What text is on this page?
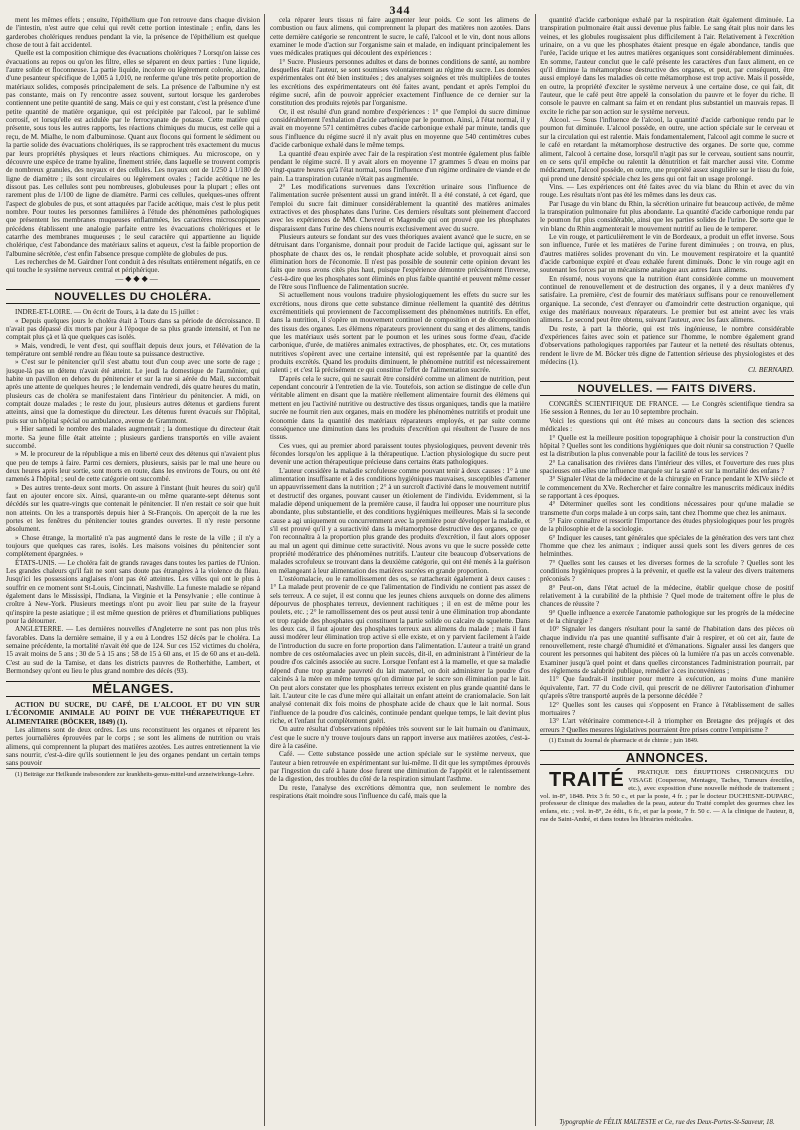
344

ment les mêmes effets ; ensuite, l'épithélium que l'on retrouve dans chaque division de l'intestin, n'est autre que celui qui revêt cette portion intestinale ; enfin, dans les garderobes cholériques rendues pendant la vie, la présence de l'épithélium est quelque chose de tout à fait accidentel.

Quelle est la composition chimique des évacuations cholériques ? Lorsqu'on laisse ces évacuations au repos ou qu'on les filtre, elles se séparent en deux parties : l'une liquide, l'autre solide et floconneuse. La partie liquide, incolore ou légèrement colorée, alcaline, d'une pesanteur spécifique de 1,005 à 1,010, ne renferme qu'une très petite proportion de matériaux solides, composés principalement de sels. La présence de l'albumine n'y est pas constante, mais on l'y rencontre assez souvent, surtout lorsque les garderobes contiennent une petite quantité de sang. Mais ce qui y est constant, c'est la présence d'une petite quantité de matière organique, qui est précipitée par l'alcool, par le sublimé corrosif, et lorsqu'elle est acidulée par le ferrocyanate de potasse. Cette matière qui présente, sous tous les autres rapports, les réactions chimiques du mucus, est celle qui a reçu, de M. Mialhe, le nom d'albuminose. Quant aux flocons qui forment le sédiment ou la partie solide des évacuations cholériques, ils se rapprochent très exactement du mucus par leurs propriétés physiques et leurs réactions chimiques. Au microscope, on y découvre une espèce de trame hyaline, finement striée, dans laquelle se trouvent compris de nombreux granules, des noyaux et des cellules. Les noyaux ont de 1/250 à 1/180 de ligne de diamètre ; ils sont circulaires ou légèrement ovales ; l'acide acétique ne les dissout pas. Les cellules sont peu nombreuses, globuleuses pour la plupart ; elles ont rarement plus de 1/100 de ligne de diamètre. Parmi ces cellules, quelques-unes offrent l'aspect de globules de pus, et sont attaquées par l'acide acétique, mais c'est le plus petit nombre. Pour toutes les personnes familières à l'étude des phénomènes pathologiques que présentent les membranes muqueuses enflammées, les caractères microscopiques précédens établissent une analogie parfaite entre les évacuations cholériques et le catarrhe des membranes muqueuses ; le seul caractère qui appartienne au liquide cholérique, c'est l'abondance des matériaux salins et aqueux, c'est la faible proportion de l'albumine sécrétée, c'est enfin l'absence presque complète de globules de pus.

Les recherches de M. Gairdner l'ont conduit à des résultats entièrement négatifs, en ce qui touche le système nerveux central et périphérique.

—◆◆◆—

NOUVELLES DU CHOLÉRA.

INDRE-ET-LOIRE. — On écrit de Tours, à la date du 15 juillet :

« Depuis quelques jours le choléra était à Tours dans sa période de décroissance. Il n'avait pas dépassé dix morts par jour à l'époque de sa plus grande intensité, et l'on ne comptait plus çà et là que quelques cas isolés.

» Mais, vendredi, le vent d'est, qui soufflait depuis deux jours, et l'élévation de la température ont semblé rendre au fléau toute sa puissance destructive.

» C'est sur le pénitencier qu'il s'est abattu tout d'un coup avec une sorte de rage ; jusque-là pas un détenu n'avait été atteint. Le jeudi la domestique de l'aumônier, qui habite un pavillon en dehors du pénitencier et sur la rue si aérée du Mail, succombait après une attente de quelques heures ; le lendemain vendredi, dès quatre heures du matin, plusieurs cas de choléra se manifestaient dans l'intérieur du pénitencier. A midi, on comptait douze malades ; le reste du jour, plusieurs autres détenus et gardiens furent atteints, ainsi que la domestique du directeur. Les détenus furent évacués sur l'hôpital, puis sur un hôpital spécial ou ambulance, avenue de Grammont.

» Hier samedi le nombre des malades augmentait ; la domestique du directeur était morte. Sa jeune fille était atteinte ; plusieurs gardiens transportés en ville avaient succombé.

» M. le procureur de la république a mis en liberté ceux des détenus qui n'avaient plus que peu de temps à faire. Parmi ces derniers, plusieurs, saisis par le mal une heure ou deux heures après leur sortie, sont morts en route, dans les environs de Tours, ou ont été ramenés à l'hôpital ; seul de cette catégorie ont succombé.

» Des autres trente-deux sont morts. On assure à l'instant (huit heures du soir) qu'il faut en ajouter encore six. Ainsi, quarante-un ou même quarante-sept détenus sont décédés sur les quatre-vingts que contenait le pénitencier. Il n'en restait ce soir que huit non atteints. On les a transportés depuis hier à St-François. On aperçoit de la rue les portes et les fenêtres du pénitencier toutes grandes ouvertes. Il n'y reste personne absolument.

» Chose étrange, la mortalité n'a pas augmenté dans le reste de la ville ; il n'y a toujours que quelques cas rares, isolés. Les maisons voisines du pénitencier sont complètement épargnées. »

ÉTATS-UNIS. — Le choléra fait de grands ravages dans toutes les parties de l'Union. Les grandes chaleurs qu'il fait ne sont sans doute pas étrangères à la violence du fléau. Jusqu'ici les possessions anglaises n'ont pas été atteintes. Les villes qui ont le plus à souffrir en ce moment sont St-Louis, Cincinnati, Nashville. La funeste maladie se répand également dans le Mississipi, l'Indiana, la Virginie et la Pensylvanie ; elle continue à croître à New-York. Plusieurs meetings n'ont pu avoir lieu par suite de la frayeur qu'inspire la peste asiatique ; il est même question de prières et d'humiliations publiques pour la détourner.

ANGLETERRE. — Les dernières nouvelles d'Angleterre ne sont pas non plus très favorables. Dans la dernière semaine, il y a eu à Londres 152 décès par le choléra. La semaine précédente, la mortalité n'avait été que de 124. Sur ces 152 victimes du choléra, 15 avait moins de 5 ans ; 30 de 5 à 15 ans ; 58 de 15 à 60 ans, et 15 de 60 ans et au-delà. C'est au sud de la Tamise, et dans les districts pauvres de Rotherhithe, Lambert, et Bermondsey qu'ont eu lieu le plus grand nombre des décès (93).

MÉLANGES.

ACTION DU SUCRE, DU CAFÉ, DE L'ALCOOL ET DU VIN SUR L'ÉCONOMIE ANIMALE AU POINT DE VUE THÉRAPEUTIQUE ET ALIMENTAIRE (BÖCKER, 1849) (1).

Les alimens sont de deux ordres. Les uns reconstituent les organes et réparent les pertes journalières éprouvées par le corps ; se sont les alimens de nutrition ou vrais alimens, qui comprennent la plupart des matières azotées. Les autres entretiennent la vie sans nourrir, c'est-à-dire qu'ils soutiennent le jeu des organes pendant un certain temps sans pouvoir

(1) Beiträge zur Heilkunde insbesondere zur krankheits-genus-mittel-und arzneiwirkungs-Lehre.

cela réparer leurs tissus ni faire augmenter leur poids. Ce sont les alimens de combustion ou faux alimens, qui comprennent la plupart des matières non azotées. Dans cette dernière catégorie se rencontrent le sucre, le café, l'alcool et le vin, dont nous allons examiner le mode d'action sur l'organisme sain et malade, en indiquant principalement les vues médicales pratiques qui découlent des expériences :

1° Sucre. Plusieurs personnes adultes et dans de bonnes conditions de santé, au nombre desquelles était l'auteur, se sont soumises volontairement au régime du sucre. Les données expérimentales ont été bien instituées ; des analyses soignées et très multipliées de toutes les excrétions des expérimentateurs ont été faites avant, pendant et après l'emploi du régime sucré, afin de pouvoir apprécier exactement l'influence de ce dernier sur la constitution des produits rejetés par l'organisme.

Or, il est résulté d'un grand nombre d'expériences : 1° que l'emploi du sucre diminue considérablement l'exhalation d'acide carbonique par le poumon. Ainsi, à l'état normal, il y avait en moyenne 571 centimètres cubes d'acide carbonique exhalé par minute, tandis que sous l'influence du régime sucré il n'y avait plus en moyenne que 540 centimètres cubes d'acide carbonique exhalé dans le même temps.

La quantité d'eau expirée avec l'air de la respiration s'est montrée également plus faible pendant le régime sucré. Il y avait alors en moyenne 17 grammes 5 d'eau en moins par vingt-quatre heures qu'à l'état normal, sous l'influence d'un régime ordinaire de viande et de pain. La transpiration cutanée n'était pas augmentée.

2° Les modifications survenues dans l'excrétion urinaire sous l'influence de l'alimentation sucrée présentent aussi un grand intérêt. Il a été constaté, à cet égard, que l'emploi du sucre fait diminuer considérablement la quantité des matières animales extractives et des phosphates dans l'urine. Ces derniers résultats sont pleinement d'accord avec les expériences de MM. Chevreul et Magendie qui ont prouvé que les phosphates disparaissent dans l'urine des chiens nourris exclusivement avec du sucre.

Plusieurs auteurs se fondant sur des vues théoriques avaient avancé que le sucre, en se détruisant dans l'organisme, donnait pour produit de l'acide lactique qui, agissant sur le phosphate de chaux des os, le rendait phosphate acide soluble, et provoquait ainsi son élimination hors de l'économie. Il n'est pas possible de soutenir cette opinion devant les faits que nous avons cités plus haut, puisque l'expérience démontre précisément l'inverse, c'est-à-dire que les phosphates sont éliminés en plus faible quantité et peuvent même cesser de l'être sous l'influence de l'alimentation sucrée.

Si actuellement nous voulons traduire physiologiquement les effets du sucre sur les excrétions, nous dirons que cette substance diminue réellement la quantité des détritus excrémentitiels qui proviennent de l'accomplissement des phénomènes nutritifs. En effet, dans la nutrition, il s'opère un mouvement continuel de composition et de décomposition des tissus des organes. Les élémens réparateurs proviennent du sang et des alimens, tandis que les matériaux usés sortent par le poumon et les urines sous forme d'eau, d'acide carbonique, d'urée, de matières animales extractives, de phosphates, etc. Or, ces mutations nutritives s'opèrent avec une certaine intensité, qui est représentée par la quantité des produits excrétés. Quand les produits diminuent, le phénomène nutritif est nécessairement ralenti ; et c'est là précisément ce qui constitue l'effet de l'alimentation sucrée.

D'après cela le sucre, qui ne saurait être considéré comme un aliment de nutrition, peut cependant concourir à l'entretien de la vie. Toutefois, son action se distingue de celle d'un véritable aliment en disant que la matière réellement alimentaire fournit des élémens qui mettent en jeu l'activité nutritive ou destructive des tissus organiques, tandis que la matière sucrée ne fournit rien aux organes, mais en modère les phénomènes nutritifs et produit une économie dans la quantité des matériaux réparateurs employés, et par suite comme conséquence une diminution dans les produits d'excrétion qui résultent de l'usure de nos tissus.

Ces vues, qui au premier abord paraissent toutes physiologiques, peuvent devenir très fécondes lorsqu'on les applique à la thérapeutique. L'action physiologique du sucre peut devenir une action thérapeutique précieuse dans certains états pathologiques.

L'auteur considère la maladie scrofuleuse comme pouvant tenir à deux causes : 1° à une alimentation insuffisante et à des conditions hygiéniques mauvaises, susceptibles d'amener un appauvrissement dans la nutrition ; 2° à un surcroît d'activité dans le mouvement nutritif et destructif des organes, pouvant causer un étiolement de l'individu. Evidemment, si la maladie dépend uniquement de la première cause, il faudra lui opposer une nourriture plus abondante, plus substantielle, et des conditions hygiéniques meilleures. Mais si la seconde cause a agi uniquement ou concurremment avec la première pour développer la maladie, et s'il est prouvé qu'il y a suractivité dans la métamorphose destructive des organes, ce que l'on reconnaîtra à la proportion plus grande des produits d'excrétion, il faut alors opposer au mal un agent qui diminue cette suractivité. Nous avons vu que le sucre possède cette propriété modératrice des phénomènes nutritifs. L'auteur cite beaucoup d'observations de malades scrofuleux se trouvant dans la deuxième catégorie, qui ont été menés à la guérison en mélangeant à leur alimentation des matières sucrées en grande proportion.

L'ostéomalacie, ou le ramollissement des os, se rattacherait également à deux causes : 1° La malade peut provenir de ce que l'alimentation de l'individu ne contient pas assez de sels terreux. A ce sujet, il est connu que les jeunes chiens auxquels on donne des alimens dépourvus de phosphates terreux, deviennent rachitiques ; il en est de même pour les poulets, etc. ; 2° le ramollissement des os peut aussi tenir à une élimination trop abondante et trop rapide des phosphates qui constituent la partie solide ou calcaire du squelette. Dans les deux cas, il faut ajouter des phosphates terreux aux alimens du malade ; mais il faut aussi modérer leur élimination trop active si elle existe, et on y parvient facilement à l'aide de l'introduction du sucre en forte proportion dans l'alimentation. L'auteur a traité un grand nombre de ces ostéomalacies avec un plein succès, dit-il, en administrant à l'intérieur de la poudre d'os calcinés associée au sucre. Lorsque l'enfant est à la mamelle, et que sa maladie dépend d'une trop grande pauvreté du lait maternel, on doit administrer la poudre d'os calcinés à la mère en même temps qu'on diminue par le sucre son élimination par le lait. On peut alors constater que les phosphates terreux existent en plus grande quantité dans le lait. L'auteur cite le cas d'une mère qui allaitait un enfant atteint de craniomalacie. Son lait analysé contenait dix fois moins de phosphate acide de chaux que le lait normal. Sous l'influence de la poudre d'os calcinés, continuée pendant quelque temps, le lait devint plus riche, et l'enfant fut complètement guéri.

On autre résultat d'observations répétées très souvent sur le lait humain ou d'animaux, c'est que le sucre n'y trouve toujours dans un rapport inverse aux matières azotées, c'est-à-dire à la caséine.

Café. — Cette substance possède une action spéciale sur le système nerveux, que l'auteur a bien retrouvée en expérimentant sur lui-même. Il dit que les symptômes éprouvés par l'ingestion du café à haute dose furent une diminution de l'appétit et le ralentissement de la digestion, des troubles du côté de la respiration simulant l'asthme.

Du reste, l'analyse des excrétions démontra que, non seulement le nombre des respirations était moindre sous l'influence du café, mais que la

quantité d'acide carbonique exhalé par la respiration était également diminuée. La transpiration pulmonaire était aussi devenue plus faible. Le sang était plus noir dans les veines, et les globules rougissaient plus difficilement à l'air. Relativement à l'excrétion urinaire, on a vu que les phosphates étaient presque en égale abondance, tandis que l'urée, l'acide urique et les autres matières organiques sont considérablement diminuées. En somme, l'auteur conclut que le café présente les caractères d'un faux aliment, en ce qu'il diminue la métamorphose destructive des organes, et peut, par conséquent, être aussi employé dans les maladies où cette métamorphose est trop active. Mais il possède, en outre, la propriété d'exciter le système nerveux à une certaine dose, ce qui fait, dit l'auteur, que le café peut être appelé la consolation du pauvre et le foyer du riche. Il console le pauvre en calmant sa faim et en rendant plus substantiel un mauvais repas. Il excite le riche par son action sur le système nerveux.

Alcool. — Sous l'influence de l'alcool, la quantité d'acide carbonique rendu par le poumon fut diminuée. L'alcool possède, en outre, une action spéciale sur le cerveau et sur la circulation qui est ralentie. Mais fondamentalement, l'alcool agit comme le sucre et le café en retardant la métamorphose destructive des organes. De sorte que, comme aliment, l'alcool à certaine dose, lorsqu'il n'agit pas sur le cerveau, soutient sans nourrir, en ce sens qu'il empêche ou ralentit la dénutrition et fait marcher aussi vite. Comme médicament, l'alcool possède, en outre, une propriété assez singulière sur le tissu du foie, qui prend une densité spéciale chez les gens qui ont fait un usage prolongé.

Vins. — Les expériences ont été faites avec du via blanc du Rhin et avec du vin rouge. Les résultats n'ont pas été les mêmes dans les deux cas.

Par l'usage du vin blanc du Rhin, la sécrétion urinaire fut beaucoup activée, de même la transpiration pulmonaire fut plus abondante. La quantité d'acide carbonique rendu par le poumon fut plus considérable, ainsi que les parties solides de l'urine. De sorte que le vin blanc du Rhin augmenterait le mouvement nutritif au lieu de le temperer.

Le vin rouge, et particulièrement le vin de Bordeaux, a produit un effet inverse. Sous son influence, l'urée et les matières de l'urine furent diminuées ; on trouva, en plus, d'autres matières solides provenant du vin. Le mouvement respiratoire et la quantité d'acide carbonique expiré et d'eau exhalée furent diminués. Donc le vin rouge agit en soutenant les forces par un mécanisme analogue aux autres faux alimens.

En résumé, nous voyons que la nutrition étant considérée comme un mouvement continuel de renouvellement et de destruction des organes, il y a deux manières d'y satisfaire. La première, c'est de fournir des matériaux suffisans pour ce renouvellement organique. La seconde, c'est d'enrayer ou d'amoindrir cette destruction organique, qui exige des matériaux nouveaux réparateurs. Le premier but est atteint avec les vrais alimens. Le second peut être obtenu, suivant l'auteur, avec les faux alimens.

Du reste, à part la théorie, qui est très ingénieuse, le nombre considérable d'expériences faites avec soin et patience sur l'homme, le nombre également grand d'observations pathologiques rapportées par l'auteur et la netteté des résultats obtenus, rendent le livre de M. Böcker très digne de l'attention sérieuse des physiologistes et des médecins (1).

Cl. BERNARD.

NOUVELLES. — FAITS DIVERS.

CONGRÈS SCIENTIFIQUE DE FRANCE. — Le Congrès scientifique tiendra sa 16e session à Rennes, du 1er au 10 septembre prochain.

Voici les questions qui ont été mises au concours dans la section des sciences médicales :

1° Quelle est la meilleure position topographique à choisir pour la construction d'un hôpital ? Quelles sont les conditions hygiéniques que doit réunir sa construction ? Quelle est la distribution la plus convenable pour la facilité de tous les services ?

2° La canalisation des rivières dans l'intérieur des villes, et l'ouverture des rues plus spacieuses ont-elles une influence marquée sur la santé et sur la mortalité des enfans ?

3° Signaler l'état de la médecine et de la chirurgie en France pendant le XIVe siècle et le commencement du XVe. Rechercher et faire connaître les manuscrits médicaux inédits se rapportant à ces époques.

4° Déterminer quelles sont les conditions nécessaires pour qu'une maladie se transmette d'un corps malade à un corps sain, tant chez l'homme que chez les animaux.

5° Faire connaître et ressortir l'importance des études physiologiques pour les progrès de la philosophie et de la sociologie.

6° Indiquer les causes, tant générales que spéciales de la génération des vers tant chez l'homme que chez les animaux ; indiquer aussi quels sont les divers genres de ces helminthes.

7° Quelles sont les causes et les diverses formes de la scrofule ? Quelles sont les conditions hygiéniques propres à la prévenir, et quelle est la valeur des divers traitemens préconisés ?

8° Peut-on, dans l'état actuel de la médecine, établir quelque chose de positif relativement à la curabilité de la phthisie ? Quel mode de traitement offre le plus de chances de réussite ?

9° Quelle influence a exercée l'anatomie pathologique sur les progrès de la médecine et de la chirurgie ?

10° Signaler les dangers résultant pour la santé de l'habitation dans des pièces où chaque individu n'a pas une quantité suffisante d'air à respirer, et où cet air, faute de renouvellement, reste chargé d'humidité et d'émanations. Signaler aussi les dangers que courent les personnes qui habitent des pièces où la lumière n'a pas un accès convenable. Examiner jusqu'à quel point et dans quelles circonstances l'administration pourrait, par des règlemens de salubrité publique, remédier à ces inconvéniens ;

11° Que faudrait-il instituer pour mettre à exécution, au moins d'une manière équivalente, l'art. 77 du Code civil, qui prescrit de ne délivrer l'autorisation d'inhumer qu'après s'être transporté auprès de la personne décédée ?

12° Quelles sont les causes qui s'opposent en France à l'établissement de salles mortuaires ?

13° L'art vétérinaire commence-t-il à triompher en Bretagne des préjugés et des erreurs ? Quelles mesures législatives pourraient être prises contre l'empirisme ?

(1) Extrait du Journal de pharmacie et de chimie ; juin 1849.

ANNONCES.

TRAITÉ PRATIQUE DES ÉRUPTIONS CHRONIQUES DU VISAGE (Couperose, Mentagre, Taches, Tumeurs érectiles, etc.), avec exposition d'une nouvelle méthode de traitement ; vol. in-8°, 1848. Prix 3 fr. 50 c., et par la poste, 4 fr. ; par le docteur DUCHESNE-DUPARC, professeur de clinique des maladies de la peau, auteur du Traité complet des gourmes chez les enfans, etc. ; vol. in-8°, 2e édit., 6 fr., et par la poste, 7 fr. 50 c. — A la clinique de l'auteur, 8, rue de Saint-André, et dans toutes les librairies médicales.

Typographie de FÉLIX MALTESTE et Ce, rue des Deux-Portes-St-Sauveur, 18.
